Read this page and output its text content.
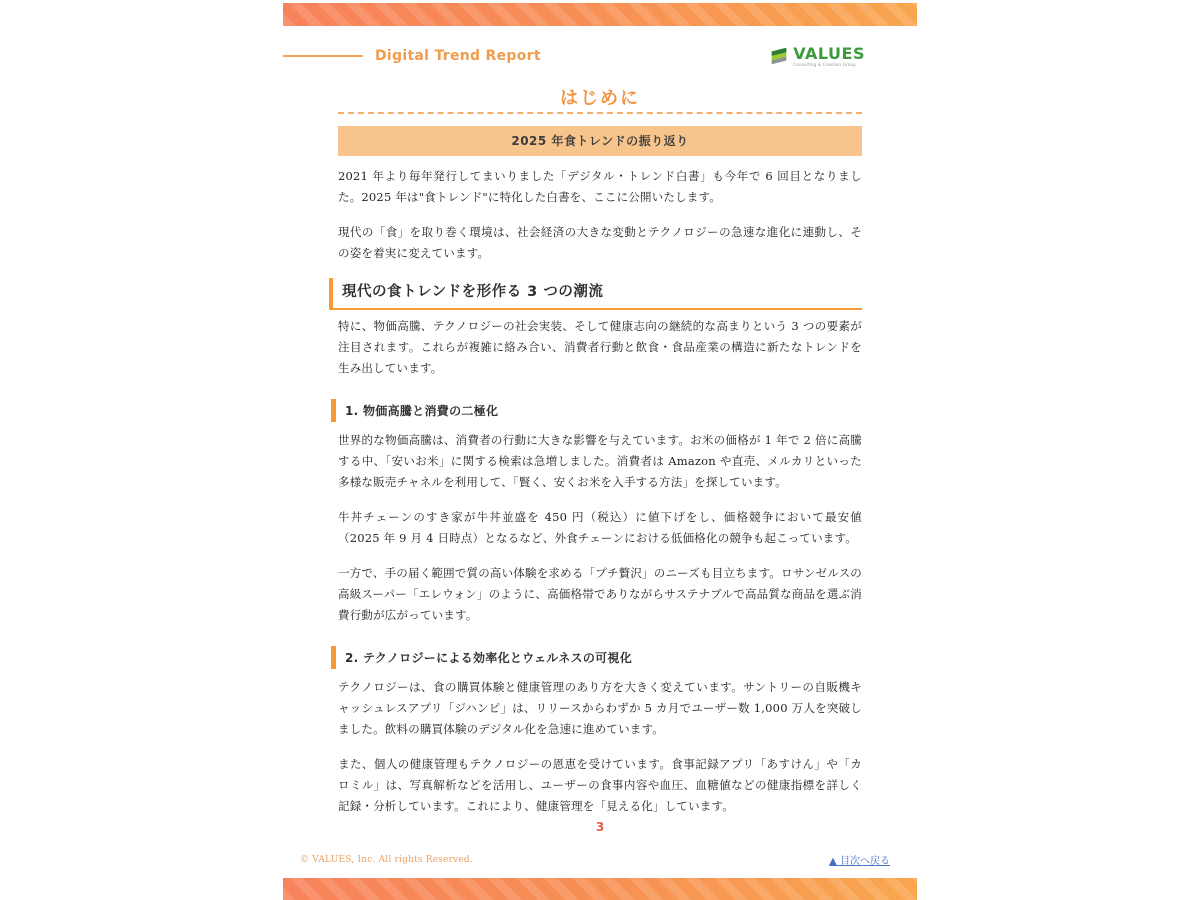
Digital Trend Report	VALUES
Consulting & Creation Group
はじめに
2025 年食トレンドの振り返り

2021 年より毎年発行してまいりました「デジタル・トレンド白書」も今年で 6 回目となりました。2025 年は"食トレンド"に特化した白書を、ここに公開いたします。

現代の「食」を取り巻く環境は、社会経済の大きな変動とテクノロジーの急速な進化に連動し、その姿を着実に変えています。

現代の食トレンドを形作る 3 つの潮流

特に、物価高騰、テクノロジーの社会実装、そして健康志向の継続的な高まりという 3 つの要素が注目されます。これらが複雑に絡み合い、消費者行動と飲食・食品産業の構造に新たなトレンドを生み出しています。

1. 物価高騰と消費の二極化

世界的な物価高騰は、消費者の行動に大きな影響を与えています。お米の価格が 1 年で 2 倍に高騰する中、「安いお米」に関する検索は急増しました。消費者は Amazon や直売、メルカリといった多様な販売チャネルを利用して、「賢く、安くお米を入手する方法」を探しています。

牛丼チェーンのすき家が牛丼並盛を 450 円（税込）に値下げをし、価格競争において最安値（2025 年 9 月 4 日時点）となるなど、外食チェーンにおける低価格化の競争も起こっています。

一方で、手の届く範囲で質の高い体験を求める「プチ贅沢」のニーズも目立ちます。ロサンゼルスの高級スーパー「エレウォン」のように、高価格帯でありながらサステナブルで高品質な商品を選ぶ消費行動が広がっています。

2. テクノロジーによる効率化とウェルネスの可視化

テクノロジーは、食の購買体験と健康管理のあり方を大きく変えています。サントリーの自販機キャッシュレスアプリ「ジハンピ」は、リリースからわずか 5 カ月でユーザー数 1,000 万人を突破しました。飲料の購買体験のデジタル化を急速に進めています。

また、個人の健康管理もテクノロジーの恩恵を受けています。食事記録アプリ「あすけん」や「カロミル」は、写真解析などを活用し、ユーザーの食事内容や血圧、血糖値などの健康指標を詳しく記録・分析しています。これにより、健康管理を「見える化」しています。

3
© VALUES, Inc. All rights Reserved.	▲ 目次へ戻る
